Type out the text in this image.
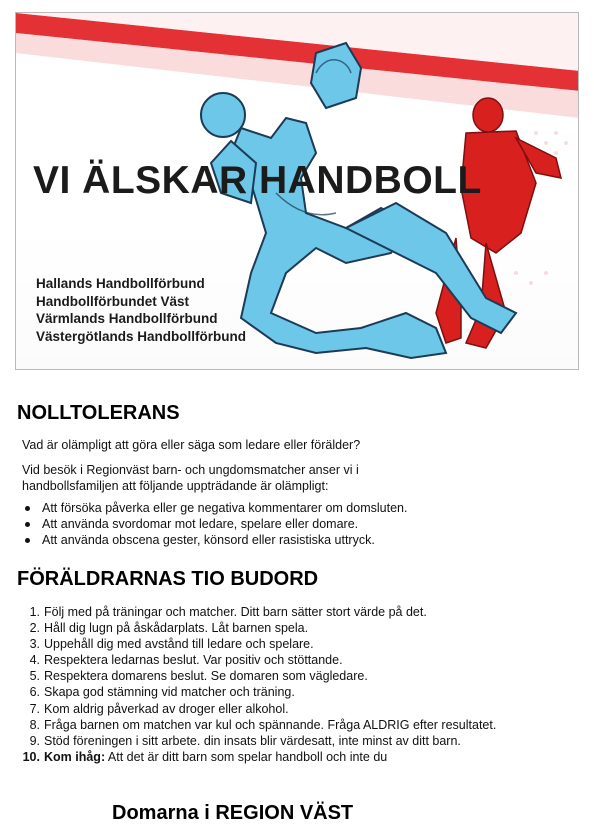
VI ÄLSKAR HANDBOLL
Hallands Handbollförbund
Handbollförbundet Väst
Värmlands Handbollförbund
Västergötlands Handbollförbund
NOLLTOLERANS
Vad är olämpligt att göra eller säga som ledare eller förälder?
Vid besök i Regionväst barn- och ungdomsmatcher anser vi i
handbollsfamiljen att följande uppträdande är olämpligt:
Att försöka påverka eller ge negativa kommentarer om domsluten.
Att använda svordomar mot ledare, spelare eller domare.
Att använda obscena gester, könsord eller rasistiska uttryck.
FÖRÄLDRARNAS TIO BUDORD
1. Följ med på träningar och matcher. Ditt barn sätter stort värde på det.
2. Håll dig lugn på åskådarplats. Låt barnen spela.
3. Uppehåll dig med avstånd till ledare och spelare.
4. Respektera ledarnas beslut. Var positiv och stöttande.
5. Respektera domarens beslut. Se domaren som vägledare.
6. Skapa god stämning vid matcher och träning.
7. Kom aldrig påverkad av droger eller alkohol.
8. Fråga barnen om matchen var kul och spännande. Fråga ALDRIG efter resultatet.
9. Stöd föreningen i sitt arbete. din insats blir värdesatt, inte minst av ditt barn.
10. Kom ihåg: Att det är ditt barn som spelar handboll och inte du
Domarna i REGION VÄST
